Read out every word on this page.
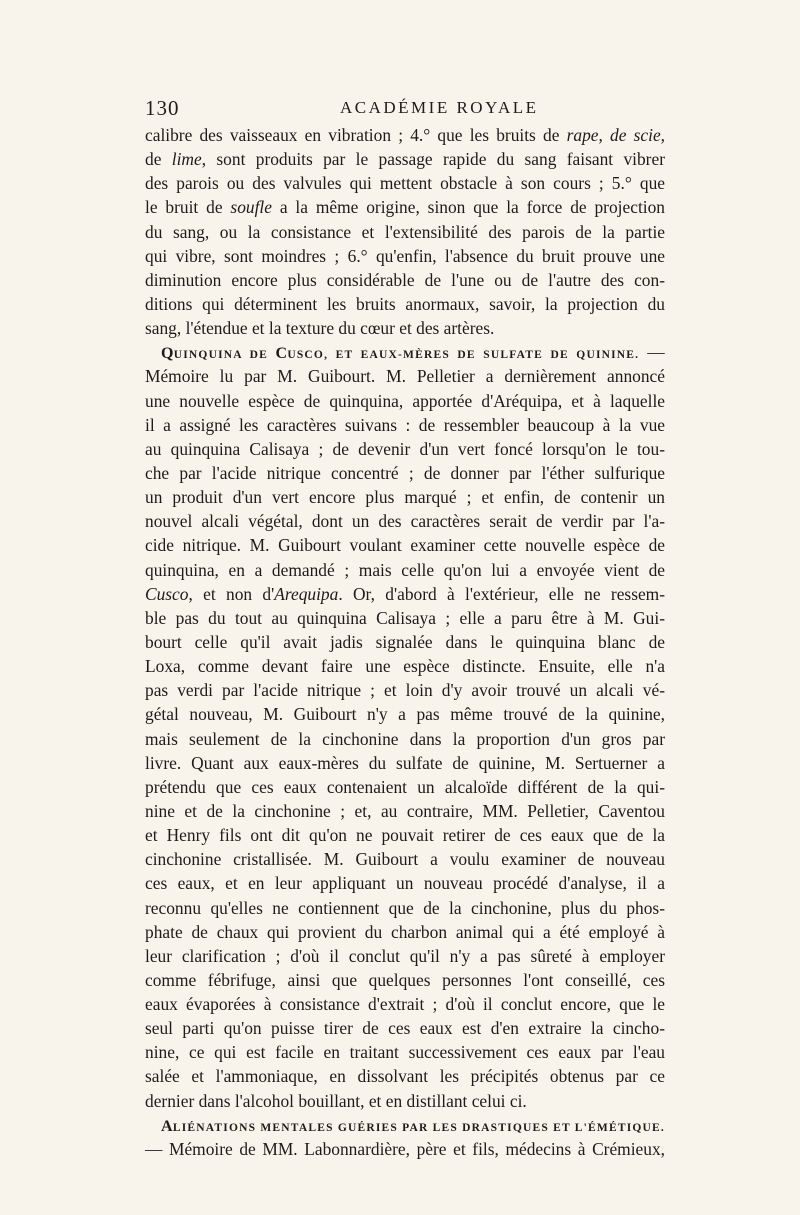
130	ACADÉMIE ROYALE
calibre des vaisseaux en vibration ; 4.° que les bruits de rape, de scie,
de lime, sont produits par le passage rapide du sang faisant vibrer
des parois ou des valvules qui mettent obstacle à son cours ; 5.° que
le bruit de soufle a la même origine, sinon que la force de projection
du sang, ou la consistance et l'extensibilité des parois de la partie
qui vibre, sont moindres ; 6.° qu'enfin, l'absence du bruit prouve une
diminution encore plus considérable de l'une ou de l'autre des con-
ditions qui déterminent les bruits anormaux, savoir, la projection du
sang, l'étendue et la texture du cœur et des artères.
QUINQUINA DE CUSCO, ET EAUX-MÈRES DE SULFATE DE QUININE. —
Mémoire lu par M. Guibourt. M. Pelletier a dernièrement annoncé
une nouvelle espèce de quinquina, apportée d'Aréquipa, et à laquelle
il a assigné les caractères suivans : de ressembler beaucoup à la vue
au quinquina Calisaya ; de devenir d'un vert foncé lorsqu'on le tou-
che par l'acide nitrique concentré ; de donner par l'éther sulfurique
un produit d'un vert encore plus marqué ; et enfin, de contenir un
nouvel alcali végétal, dont un des caractères serait de verdir par l'a-
cide nitrique. M. Guibourt voulant examiner cette nouvelle espèce de
quinquina, en a demandé ; mais celle qu'on lui a envoyée vient de
Cusco, et non d'Arequipa. Or, d'abord à l'extérieur, elle ne ressem-
ble pas du tout au quinquina Calisaya ; elle a paru être à M. Gui-
bourt celle qu'il avait jadis signalée dans le quinquina blanc de
Loxa, comme devant faire une espèce distincte. Ensuite, elle n'a
pas verdi par l'acide nitrique ; et loin d'y avoir trouvé un alcali vé-
gétal nouveau, M. Guibourt n'y a pas même trouvé de la quinine,
mais seulement de la cinchonine dans la proportion d'un gros par
livre. Quant aux eaux-mères du sulfate de quinine, M. Sertuerner a
prétendu que ces eaux contenaient un alcaloïde différent de la qui-
nine et de la cinchonine ; et, au contraire, MM. Pelletier, Caventou
et Henry fils ont dit qu'on ne pouvait retirer de ces eaux que de la
cinchonine cristallisée. M. Guibourt a voulu examiner de nouveau
ces eaux, et en leur appliquant un nouveau procédé d'analyse, il a
reconnu qu'elles ne contiennent que de la cinchonine, plus du phos-
phate de chaux qui provient du charbon animal qui a été employé à
leur clarification ; d'où il conclut qu'il n'y a pas sûreté à employer
comme fébrifuge, ainsi que quelques personnes l'ont conseillé, ces
eaux évaporées à consistance d'extrait ; d'où il conclut encore, que le
seul parti qu'on puisse tirer de ces eaux est d'en extraire la cincho-
nine, ce qui est facile en traitant successivement ces eaux par l'eau
salée et l'ammoniaque, en dissolvant les précipités obtenus par ce
dernier dans l'alcohol bouillant, et en distillant celui ci.
ALIÉNATIONS MENTALES GUÉRIES PAR LES DRASTIQUES ET L'ÉMÉTIQUE.
— Mémoire de MM. Labonnardière, père et fils, médecins à Crémieux,
